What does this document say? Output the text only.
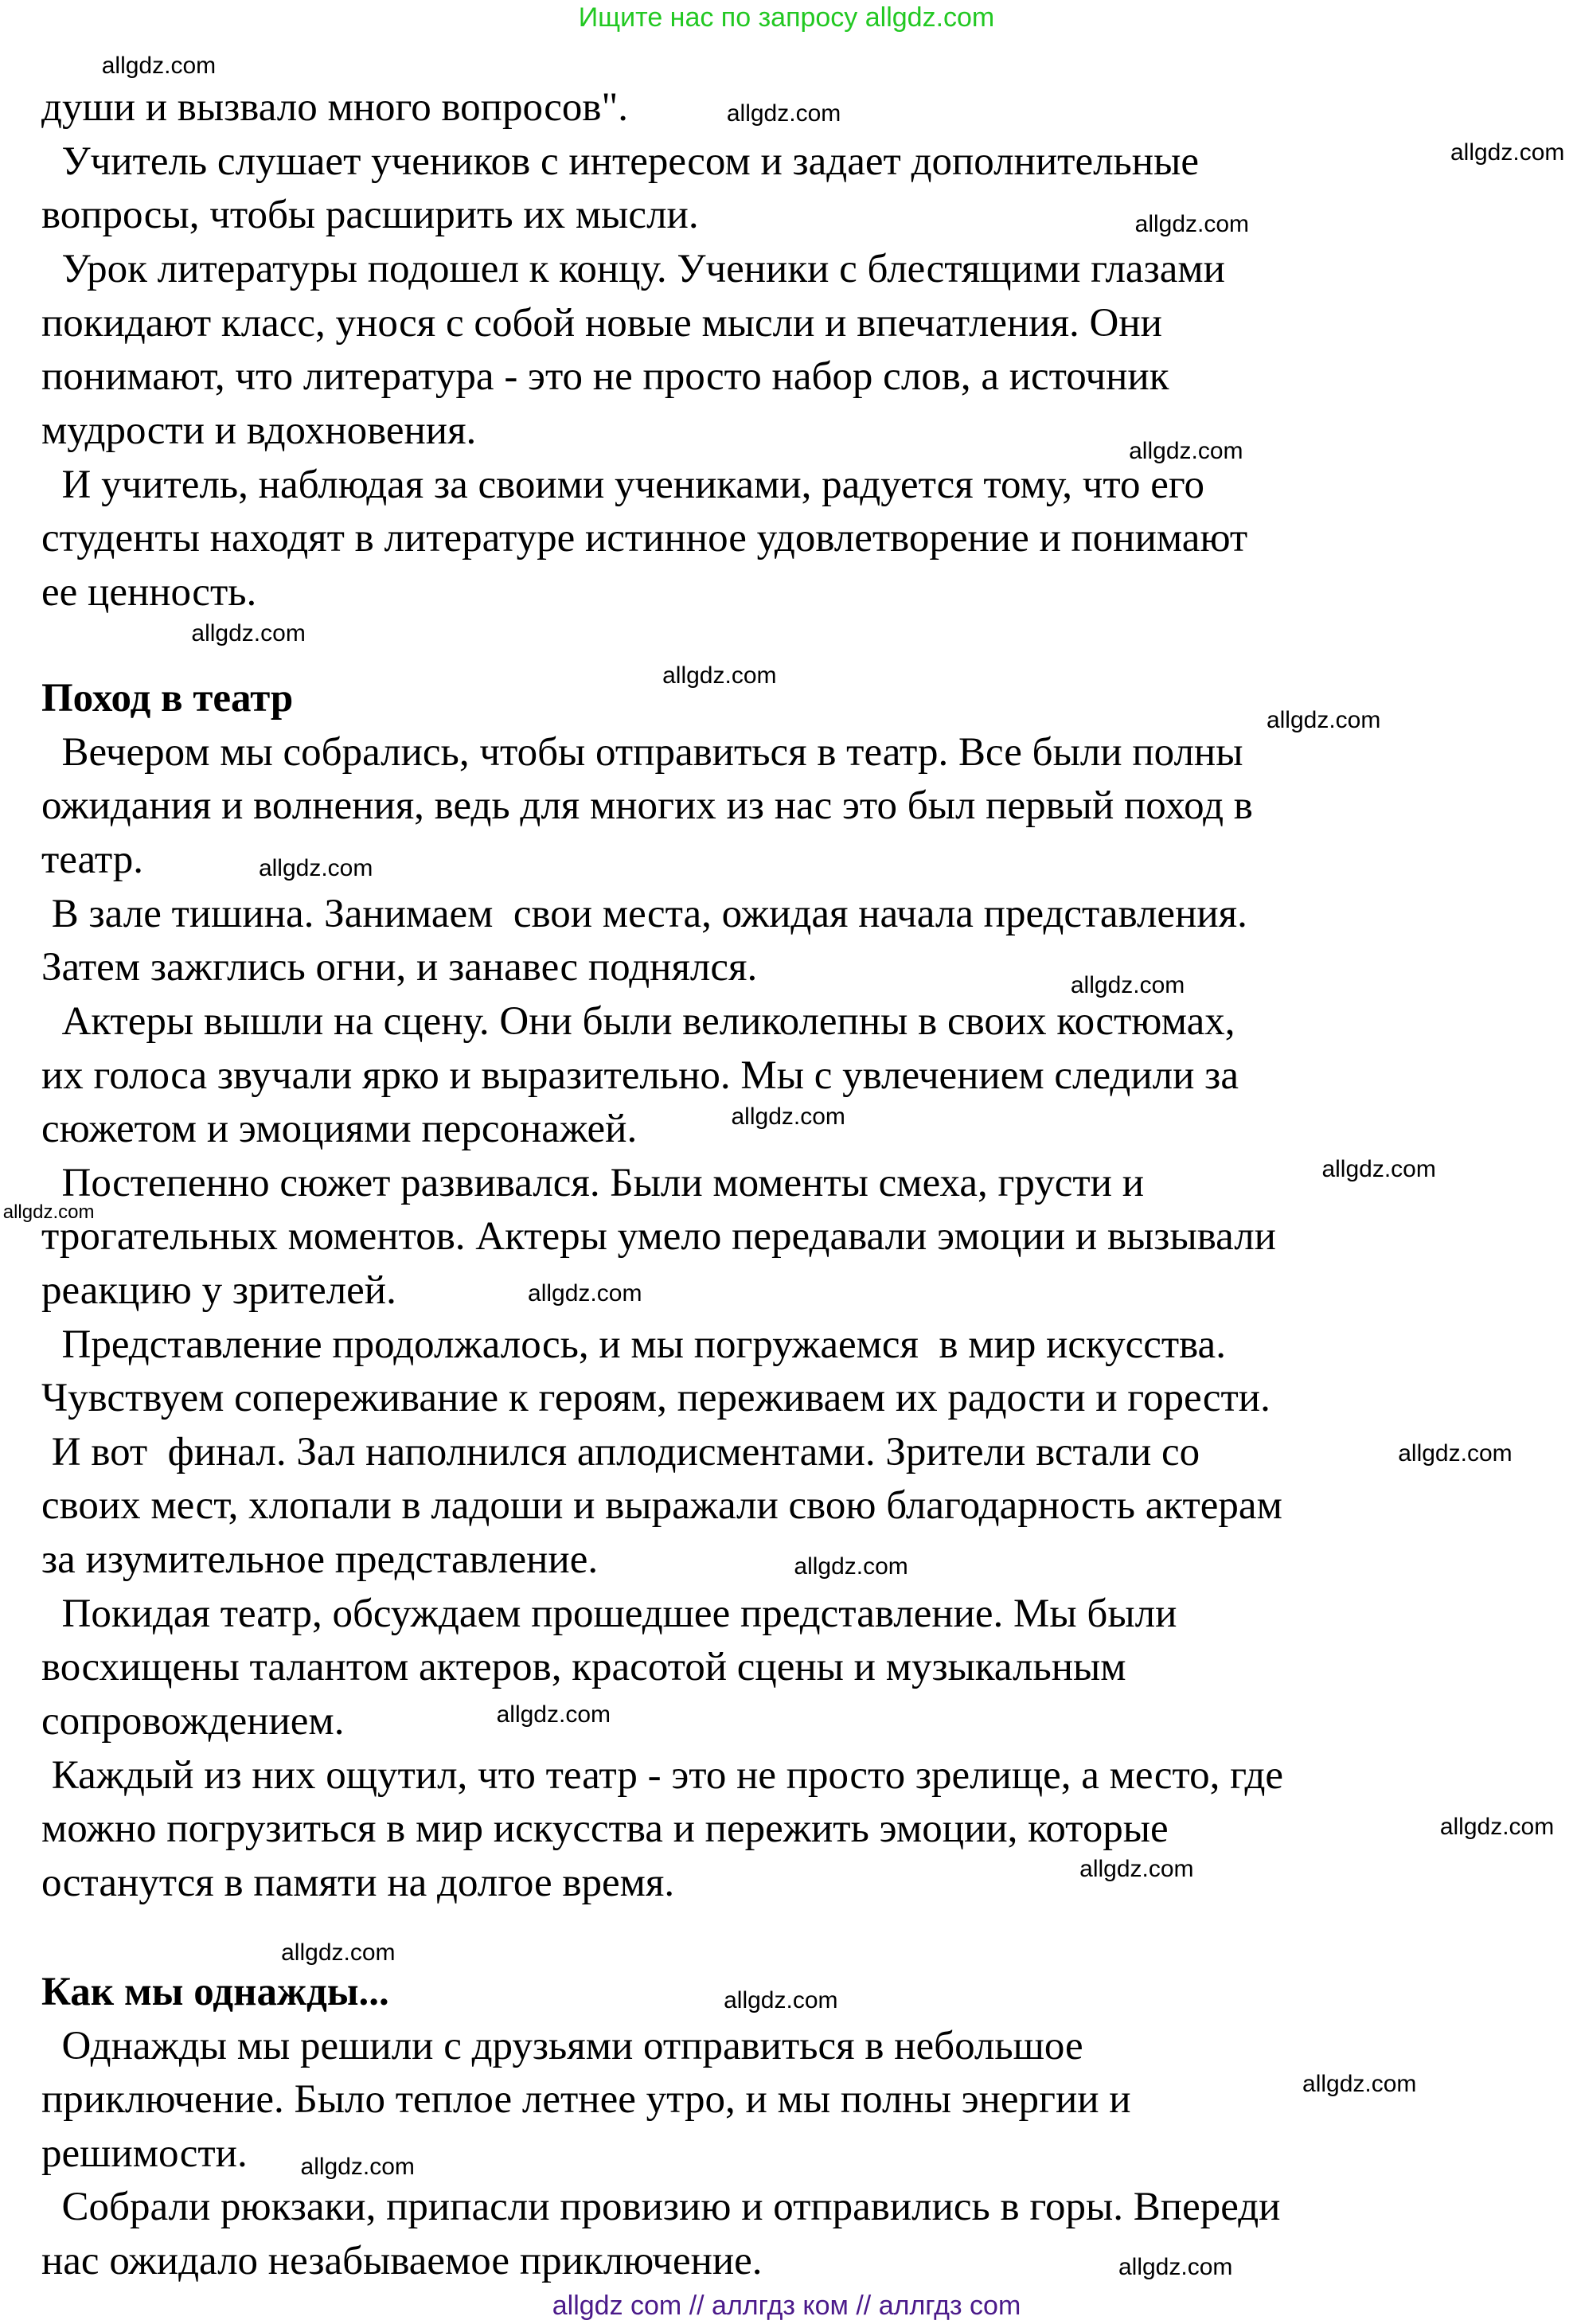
Ищите нас по запросу allgdz.com
души и вызвало много вопросов".
Учитель слушает учеников с интересом и задает дополнительные
вопросы, чтобы расширить их мысли.
Урок литературы подошел к концу. Ученики с блестящими глазами
покидают класс, унося с собой новые мысли и впечатления. Они
понимают, что литература - это не просто набор слов, а источник
мудрости и вдохновения.
И учитель, наблюдая за своими учениками, радуется тому, что его
студенты находят в литературе истинное удовлетворение и понимают
ее ценность.
Поход в театр
Вечером мы собрались, чтобы отправиться в театр. Все были полны
ожидания и волнения, ведь для многих из нас это был первый поход в
театр.
В зале тишина. Занимаем  свои места, ожидая начала представления.
Затем зажглись огни, и занавес поднялся.
Актеры вышли на сцену. Они были великолепны в своих костюмах,
их голоса звучали ярко и выразительно. Мы с увлечением следили за
сюжетом и эмоциями персонажей.
Постепенно сюжет развивался. Были моменты смеха, грусти и
трогательных моментов. Актеры умело передавали эмоции и вызывали
реакцию у зрителей.
Представление продолжалось, и мы погружаемся  в мир искусства.
Чувствуем сопереживание к героям, переживаем их радости и горести.
И вот  финал. Зал наполнился аплодисментами. Зрители встали со
своих мест, хлопали в ладоши и выражали свою благодарность актерам
за изумительное представление.
Покидая театр, обсуждаем прошедшее представление. Мы были
восхищены талантом актеров, красотой сцены и музыкальным
сопровождением.
Каждый из них ощутил, что театр - это не просто зрелище, а место, где
можно погрузиться в мир искусства и пережить эмоции, которые
останутся в памяти на долгое время.
Как мы однажды...
Однажды мы решили с друзьями отправиться в небольшое
приключение. Было теплое летнее утро, и мы полны энергии и
решимости.
Собрали рюкзаки, припасли провизию и отправились в горы. Впереди
нас ожидало незабываемое приключение.
allgdz.com
allgdz.com
allgdz.com
allgdz.com
allgdz.com
allgdz.com
allgdz.com
allgdz.com
allgdz.com
allgdz.com
allgdz.com
allgdz.com
allgdz.com
allgdz.com
allgdz.com
allgdz.com
allgdz.com
allgdz.com
allgdz.com
allgdz.com
allgdz.com
allgdz.com
allgdz.com
allgdz.com
allgdz com // аллгдз ком // аллгдз com
